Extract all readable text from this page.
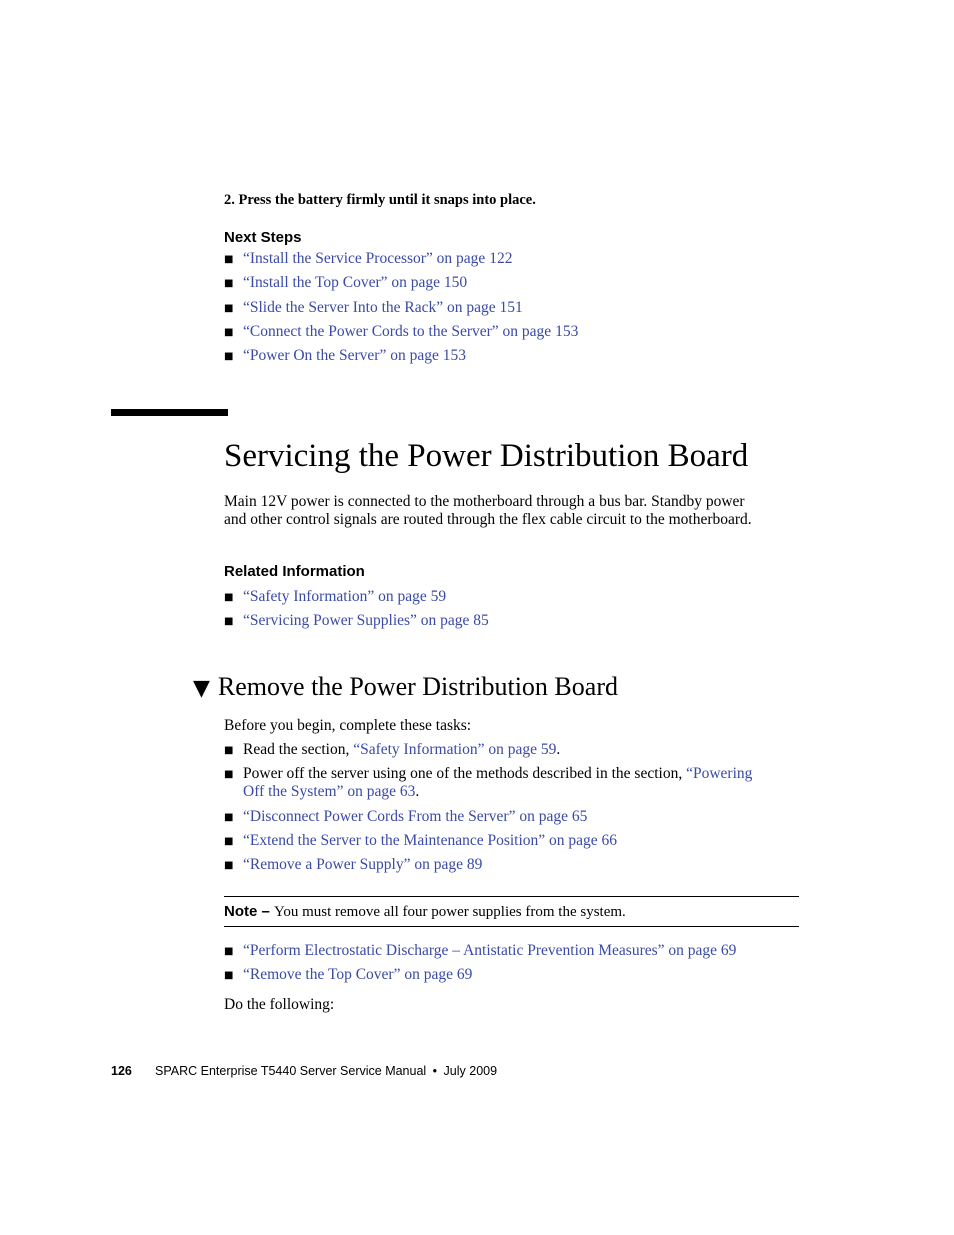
2. Press the battery firmly until it snaps into place.
Next Steps
■ “Install the Service Processor” on page 122
■ “Install the Top Cover” on page 150
■ “Slide the Server Into the Rack” on page 151
■ “Connect the Power Cords to the Server” on page 153
■ “Power On the Server” on page 153
Servicing the Power Distribution Board
Main 12V power is connected to the motherboard through a bus bar. Standby power
and other control signals are routed through the flex cable circuit to the motherboard.
Related Information
■ “Safety Information” on page 59
■ “Servicing Power Supplies” on page 85
▼ Remove the Power Distribution Board
Before you begin, complete these tasks:
■ Read the section, “Safety Information” on page 59.
■ Power off the server using one of the methods described in the section, “Powering
Off the System” on page 63.
■ “Disconnect Power Cords From the Server” on page 65
■ “Extend the Server to the Maintenance Position” on page 66
■ “Remove a Power Supply” on page 89
Note – You must remove all four power supplies from the system.
■ “Perform Electrostatic Discharge – Antistatic Prevention Measures” on page 69
■ “Remove the Top Cover” on page 69
Do the following:
126 SPARC Enterprise T5440 Server Service Manual • July 2009
